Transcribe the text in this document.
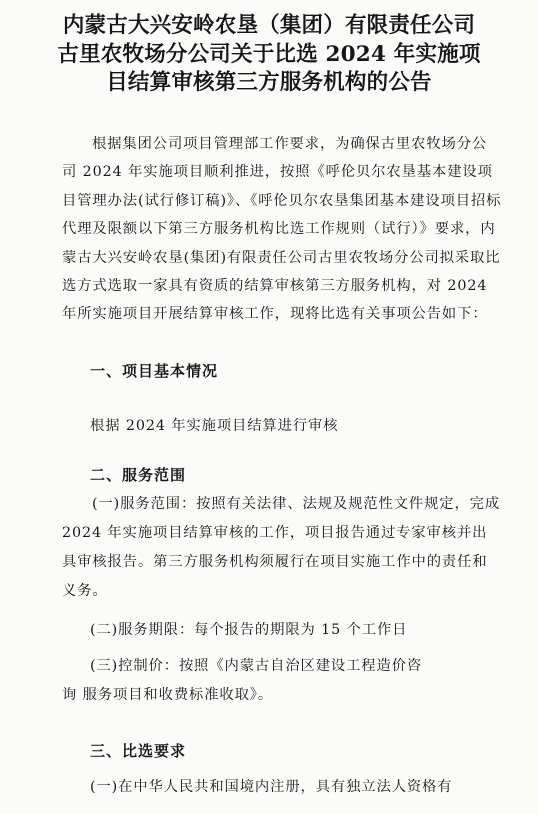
内蒙古大兴安岭农垦（集团）有限责任公司
古里农牧场分公司关于比选 2024 年实施项
目结算审核第三方服务机构的公告
根据集团公司项目管理部工作要求，为确保古里农牧场分公司 2024 年实施项目顺利推进，按照《呼伦贝尔农垦基本建设项目管理办法(试行修订稿)》、《呼伦贝尔农垦集团基本建设项目招标代理及限额以下第三方服务机构比选工作规则（试行）》要求，内蒙古大兴安岭农垦(集团)有限责任公司古里农牧场分公司拟采取比选方式选取一家具有资质的结算审核第三方服务机构，对 2024 年所实施项目开展结算审核工作，现将比选有关事项公告如下：
一、项目基本情况
根据 2024 年实施项目结算进行审核
二、服务范围
(一)服务范围：按照有关法律、法规及规范性文件规定，完成 2024 年实施项目结算审核的工作，项目报告通过专家审核并出具审核报告。第三方服务机构须履行在项目实施工作中的责任和义务。
(二)服务期限：每个报告的期限为 15 个工作日
(三)控制价：按照《内蒙古自治区建设工程造价咨
询 服务项目和收费标准收取》。
三、比选要求
(一)在中华人民共和国境内注册，具有独立法人资格有
